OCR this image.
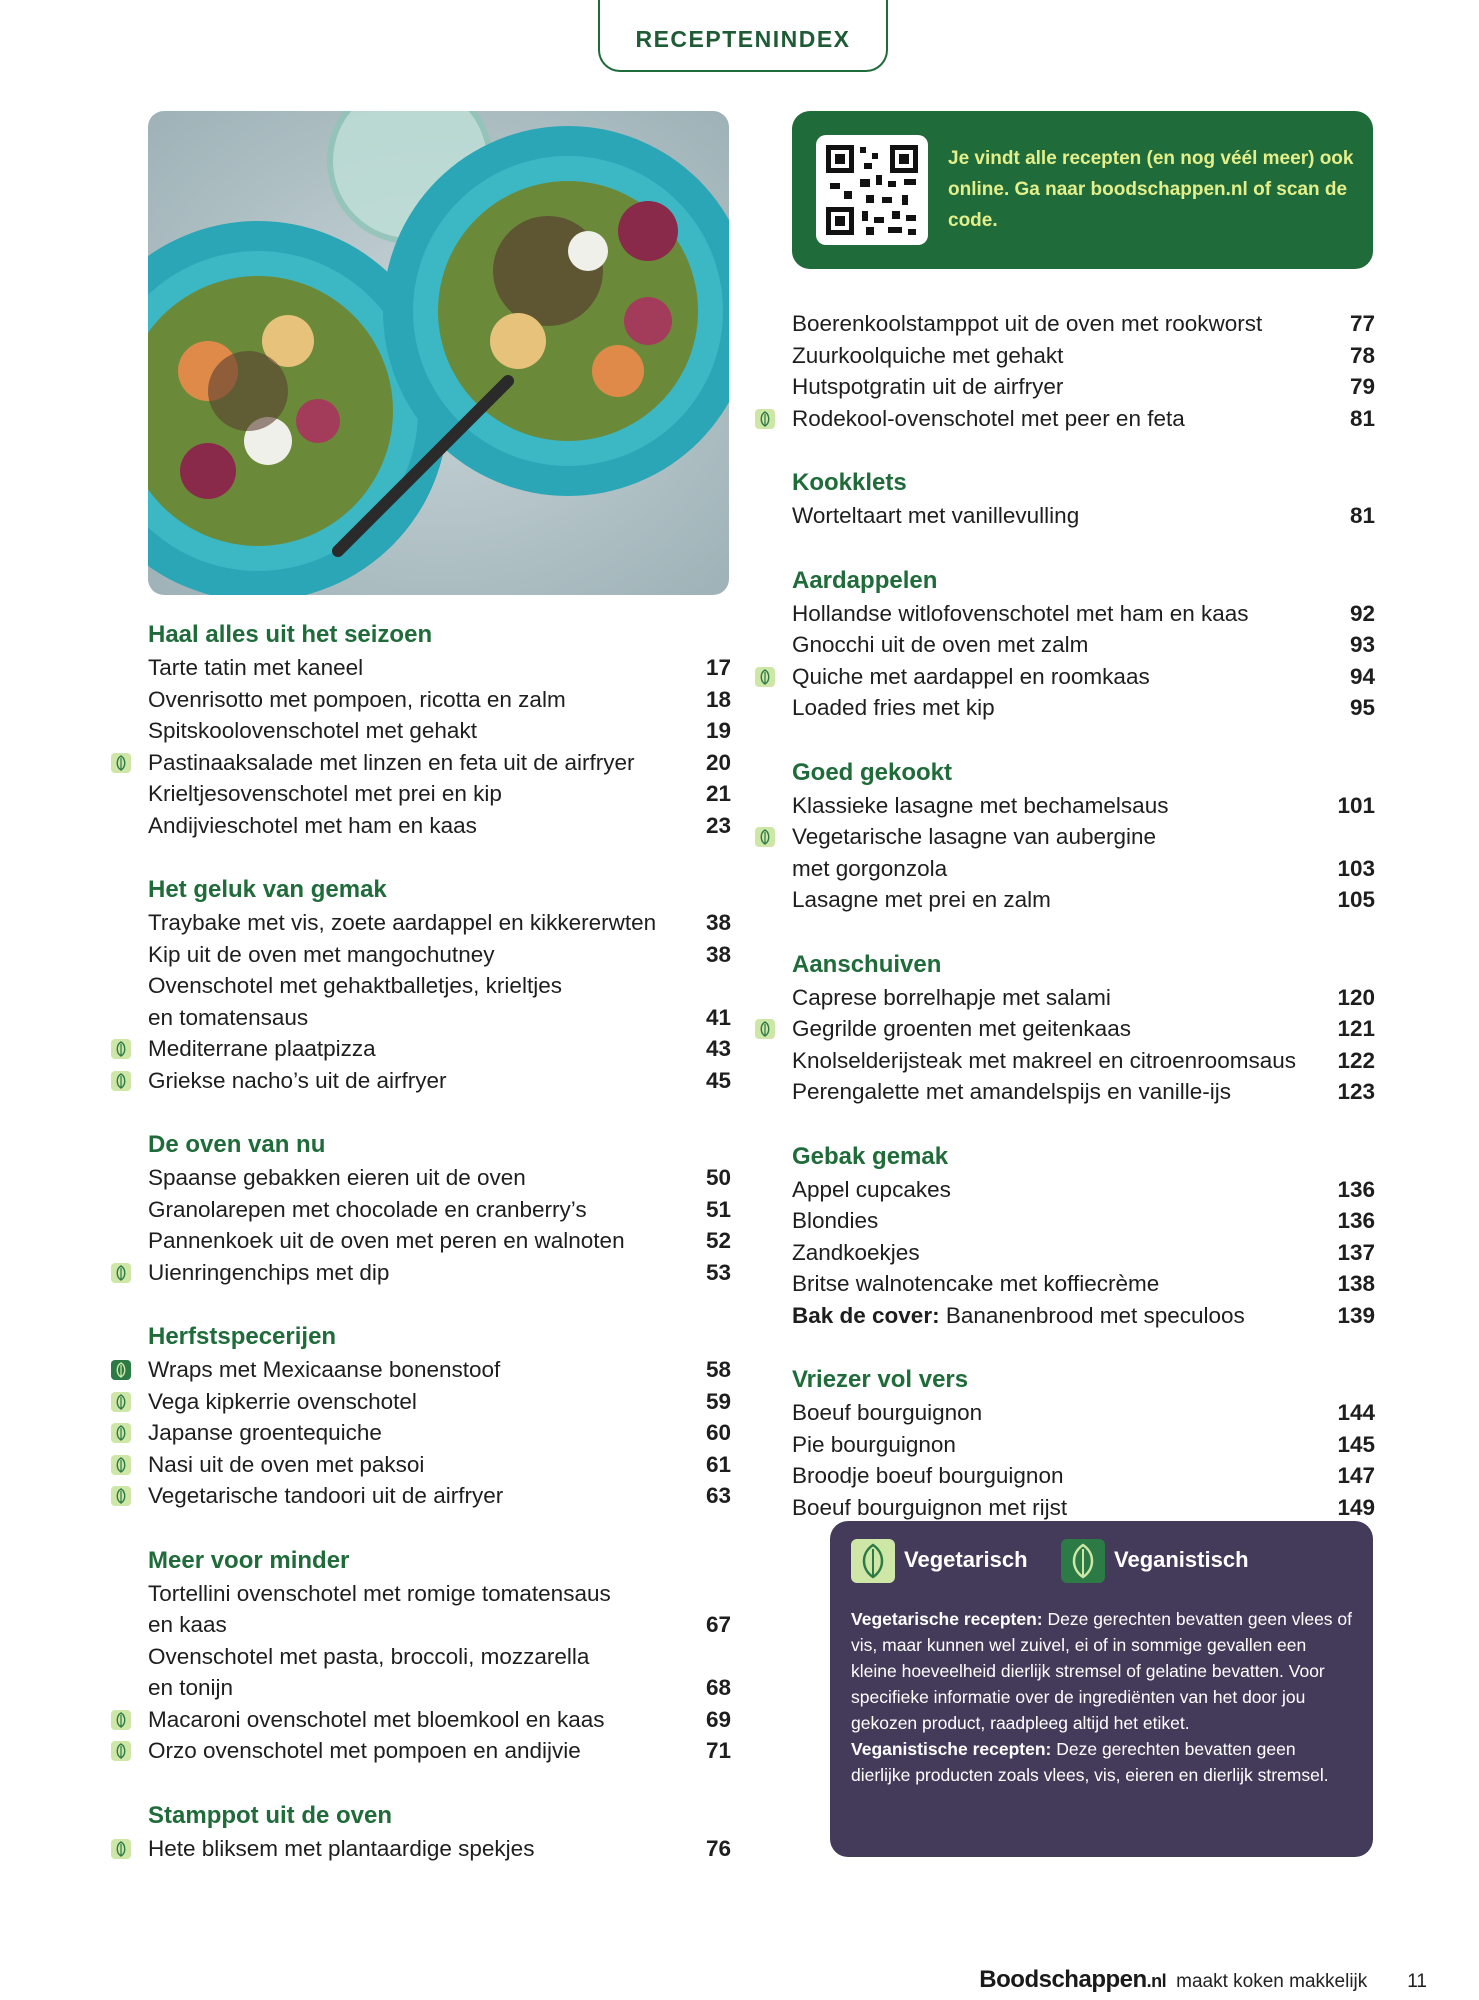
RECEPTENINDEX
Je vindt alle recepten (en nog véél meer) ook online. Ga naar boodschappen.nl of scan de code.
Haal alles uit het seizoen
Tarte tatin met kaneel	17
Ovenrisotto met pompoen, ricotta en zalm	18
Spitskoolovenschotel met gehakt	19
Pastinaaksalade met linzen en feta uit de airfryer	20
Krieltjesovenschotel met prei en kip	21
Andijvieschotel met ham en kaas	23
Het geluk van gemak
Traybake met vis, zoete aardappel en kikkererwten	38
Kip uit de oven met mangochutney	38
Ovenschotel met gehaktballetjes, krieltjes
en tomatensaus	41
Mediterrane plaatpizza	43
Griekse nacho’s uit de airfryer	45
De oven van nu
Spaanse gebakken eieren uit de oven	50
Granolarepen met chocolade en cranberry’s	51
Pannenkoek uit de oven met peren en walnoten	52
Uienringenchips met dip	53
Herfstspecerijen
Wraps met Mexicaanse bonenstoof	58
Vega kipkerrie ovenschotel	59
Japanse groentequiche	60
Nasi uit de oven met paksoi	61
Vegetarische tandoori uit de airfryer	63
Meer voor minder
Tortellini ovenschotel met romige tomatensaus
en kaas	67
Ovenschotel met pasta, broccoli, mozzarella
en tonijn	68
Macaroni ovenschotel met bloemkool en kaas	69
Orzo ovenschotel met pompoen en andijvie	71
Stamppot uit de oven
Hete bliksem met plantaardige spekjes	76
Boerenkoolstamppot uit de oven met rookworst	77
Zuurkoolquiche met gehakt	78
Hutspotgratin uit de airfryer	79
Rodekool-ovenschotel met peer en feta	81
Kookklets
Worteltaart met vanillevulling	81
Aardappelen
Hollandse witlofovenschotel met ham en kaas	92
Gnocchi uit de oven met zalm	93
Quiche met aardappel en roomkaas	94
Loaded fries met kip	95
Goed gekookt
Klassieke lasagne met bechamelsaus	101
Vegetarische lasagne van aubergine
met gorgonzola	103
Lasagne met prei en zalm	105
Aanschuiven
Caprese borrelhapje met salami	120
Gegrilde groenten met geitenkaas	121
Knolselderijsteak met makreel en citroenroomsaus	122
Perengalette met amandelspijs en vanille-ijs	123
Gebak gemak
Appel cupcakes	136
Blondies	136
Zandkoekjes	137
Britse walnotencake met koffiecrème	138
Bak de cover: Bananenbrood met speculoos	139
Vriezer vol vers
Boeuf bourguignon	144
Pie bourguignon	145
Broodje boeuf bourguignon	147
Boeuf bourguignon met rijst	149
Vegetarisch	Veganistisch
Vegetarische recepten: Deze gerechten bevatten geen vlees of vis, maar kunnen wel zuivel, ei of in sommige gevallen een kleine hoeveelheid dierlijk stremsel of gelatine bevatten. Voor specifieke informatie over de ingrediënten van het door jou gekozen product, raadpleeg altijd het etiket.
Veganistische recepten: Deze gerechten bevatten geen dierlijke producten zoals vlees, vis, eieren en dierlijk stremsel.
Boodschappen.nl maakt koken makkelijk 11
